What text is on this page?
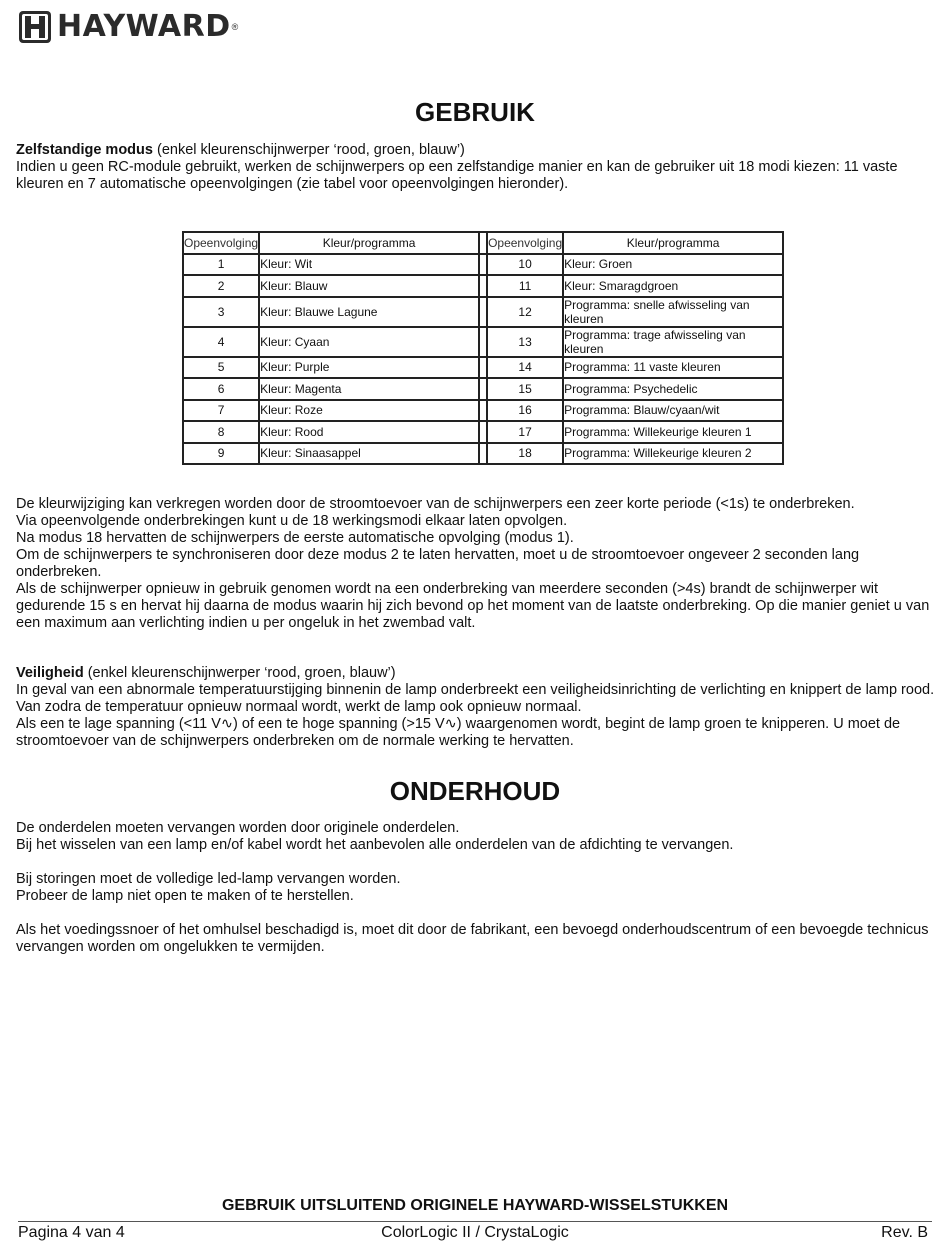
HAYWARD ®
GEBRUIK

Zelfstandige modus (enkel kleurenschijnwerper ‘rood, groen, blauw’)

Indien u geen RC-module gebruikt, werken de schijnwerpers op een zelfstandige manier en kan de gebruiker uit 18 modi kiezen: 11 vaste kleuren en 7 automatische opeenvolgingen (zie tabel voor opeenvolgingen hieronder).

Opeenvolging	Kleur/programma		Opeenvolging	Kleur/programma
1	Kleur: Wit		10	Kleur: Groen
2	Kleur: Blauw		11	Kleur: Smaragdgroen
3	Kleur: Blauwe Lagune		12	Programma: snelle afwisseling van kleuren
4	Kleur: Cyaan		13	Programma: trage afwisseling van kleuren
5	Kleur: Purple		14	Programma: 11 vaste kleuren
6	Kleur: Magenta		15	Programma: Psychedelic
7	Kleur: Roze		16	Programma: Blauw/cyaan/wit
8	Kleur: Rood		17	Programma: Willekeurige kleuren 1
9	Kleur: Sinaasappel		18	Programma: Willekeurige kleuren 2

De kleurwijziging kan verkregen worden door de stroomtoevoer van de schijnwerpers een zeer korte periode (<1s) te onderbreken.

Via opeenvolgende onderbrekingen kunt u de 18 werkingsmodi elkaar laten opvolgen.

Na modus 18 hervatten de schijnwerpers de eerste automatische opvolging (modus 1).

Om de schijnwerpers te synchroniseren door deze modus 2 te laten hervatten, moet u de stroomtoevoer ongeveer 2 seconden lang onderbreken.

Als de schijnwerper opnieuw in gebruik genomen wordt na een onderbreking van meerdere seconden (>4s) brandt de schijnwerper wit gedurende 15 s en hervat hij daarna de modus waarin hij zich bevond op het moment van de laatste onderbreking. Op die manier geniet u van een maximum aan verlichting indien u per ongeluk in het zwembad valt.

Veiligheid (enkel kleurenschijnwerper ‘rood, groen, blauw’)

In geval van een abnormale temperatuurstijging binnenin de lamp onderbreekt een veiligheidsinrichting de verlichting en knippert de lamp rood. Van zodra de temperatuur opnieuw normaal wordt, werkt de lamp ook opnieuw normaal.

Als een te lage spanning (<11 V∿) of een te hoge spanning (>15 V∿) waargenomen wordt, begint de lamp groen te knipperen. U moet de stroomtoevoer van de schijnwerpers onderbreken om de normale werking te hervatten.

ONDERHOUD

De onderdelen moeten vervangen worden door originele onderdelen.

Bij het wisselen van een lamp en/of kabel wordt het aanbevolen alle onderdelen van de afdichting te vervangen.

Bij storingen moet de volledige led-lamp vervangen worden.

Probeer de lamp niet open te maken of te herstellen.

Als het voedingssnoer of het omhulsel beschadigd is, moet dit door de fabrikant, een bevoegd onderhoudscentrum of een bevoegde technicus vervangen worden om ongelukken te vermijden.

GEBRUIK UITSLUITEND ORIGINELE HAYWARD-WISSELSTUKKEN
Pagina 4 van 4	ColorLogic II / CrystaLogic	Rev. B
